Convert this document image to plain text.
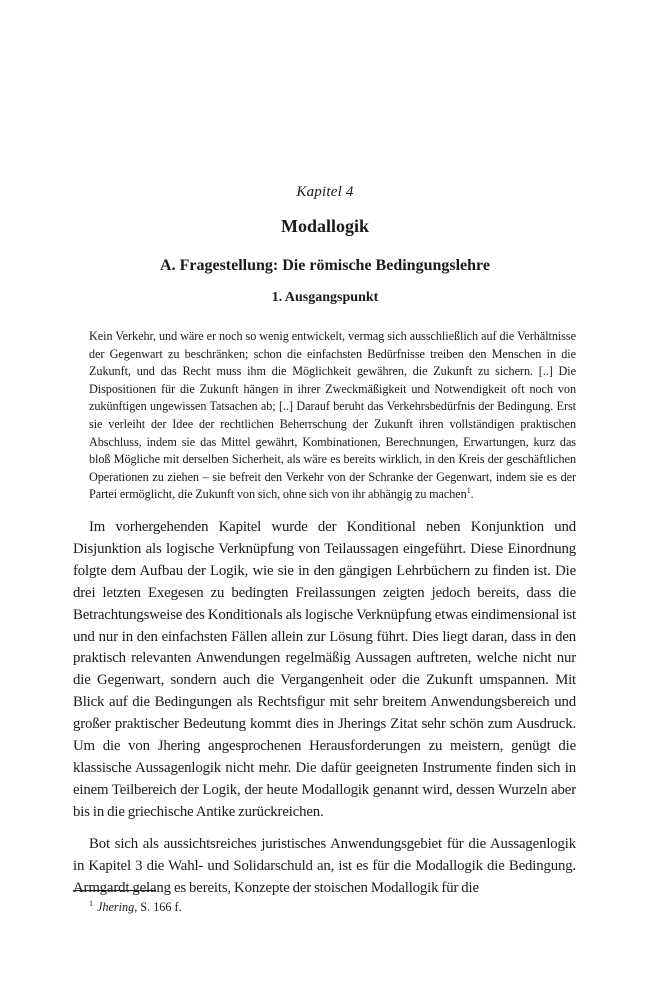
Kapitel 4
Modallogik
A. Fragestellung: Die römische Bedingungslehre
1. Ausgangspunkt
Kein Verkehr, und wäre er noch so wenig entwickelt, vermag sich ausschließlich auf die Verhältnisse der Gegenwart zu beschränken; schon die einfachsten Bedürfnisse treiben den Menschen in die Zukunft, und das Recht muss ihm die Möglichkeit gewähren, die Zukunft zu sichern. [..] Die Dispositionen für die Zukunft hängen in ihrer Zweckmäßigkeit und Notwendigkeit oft noch von zukünftigen ungewissen Tatsachen ab; [..] Darauf beruht das Verkehrsbedürfnis der Bedingung. Erst sie verleiht der Idee der rechtlichen Beherrschung der Zukunft ihren vollständigen praktischen Abschluss, indem sie das Mittel gewährt, Kombinationen, Berechnungen, Erwartungen, kurz das bloß Mögliche mit derselben Sicherheit, als wäre es bereits wirklich, in den Kreis der geschäftlichen Operationen zu ziehen – sie befreit den Verkehr von der Schranke der Gegenwart, indem sie es der Partei ermöglicht, die Zukunft von sich, ohne sich von ihr abhängig zu machen$^1$.

Im vorhergehenden Kapitel wurde der Konditional neben Konjunktion und Disjunktion als logische Verknüpfung von Teilaussagen eingeführt. Diese Einordnung folgte dem Aufbau der Logik, wie sie in den gängigen Lehrbüchern zu finden ist. Die drei letzten Exegesen zu bedingten Freilassungen zeigten jedoch bereits, dass die Betrachtungsweise des Konditionals als logische Verknüpfung etwas eindimensional ist und nur in den einfachsten Fällen allein zur Lösung führt. Dies liegt daran, dass in den praktisch relevanten Anwendungen regelmäßig Aussagen auftreten, welche nicht nur die Gegenwart, sondern auch die Vergangenheit oder die Zukunft umspannen. Mit Blick auf die Bedingungen als Rechtsfigur mit sehr breitem Anwendungsbereich und großer praktischer Bedeutung kommt dies in Jherings Zitat sehr schön zum Ausdruck. Um die von Jhering angesprochenen Herausforderungen zu meistern, genügt die klassische Aussagenlogik nicht mehr. Die dafür geeigneten Instrumente finden sich in einem Teilbereich der Logik, der heute Modallogik genannt wird, dessen Wurzeln aber bis in die griechische Antike zurückreichen.

Bot sich als aussichtsreiches juristisches Anwendungsgebiet für die Aussagenlogik in Kapitel 3 die Wahl- und Solidarschuld an, ist es für die Modallogik die Bedingung. Armgardt gelang es bereits, Konzepte der stoischen Modallogik für die

$^1$ Jhering, S. 166 f.
